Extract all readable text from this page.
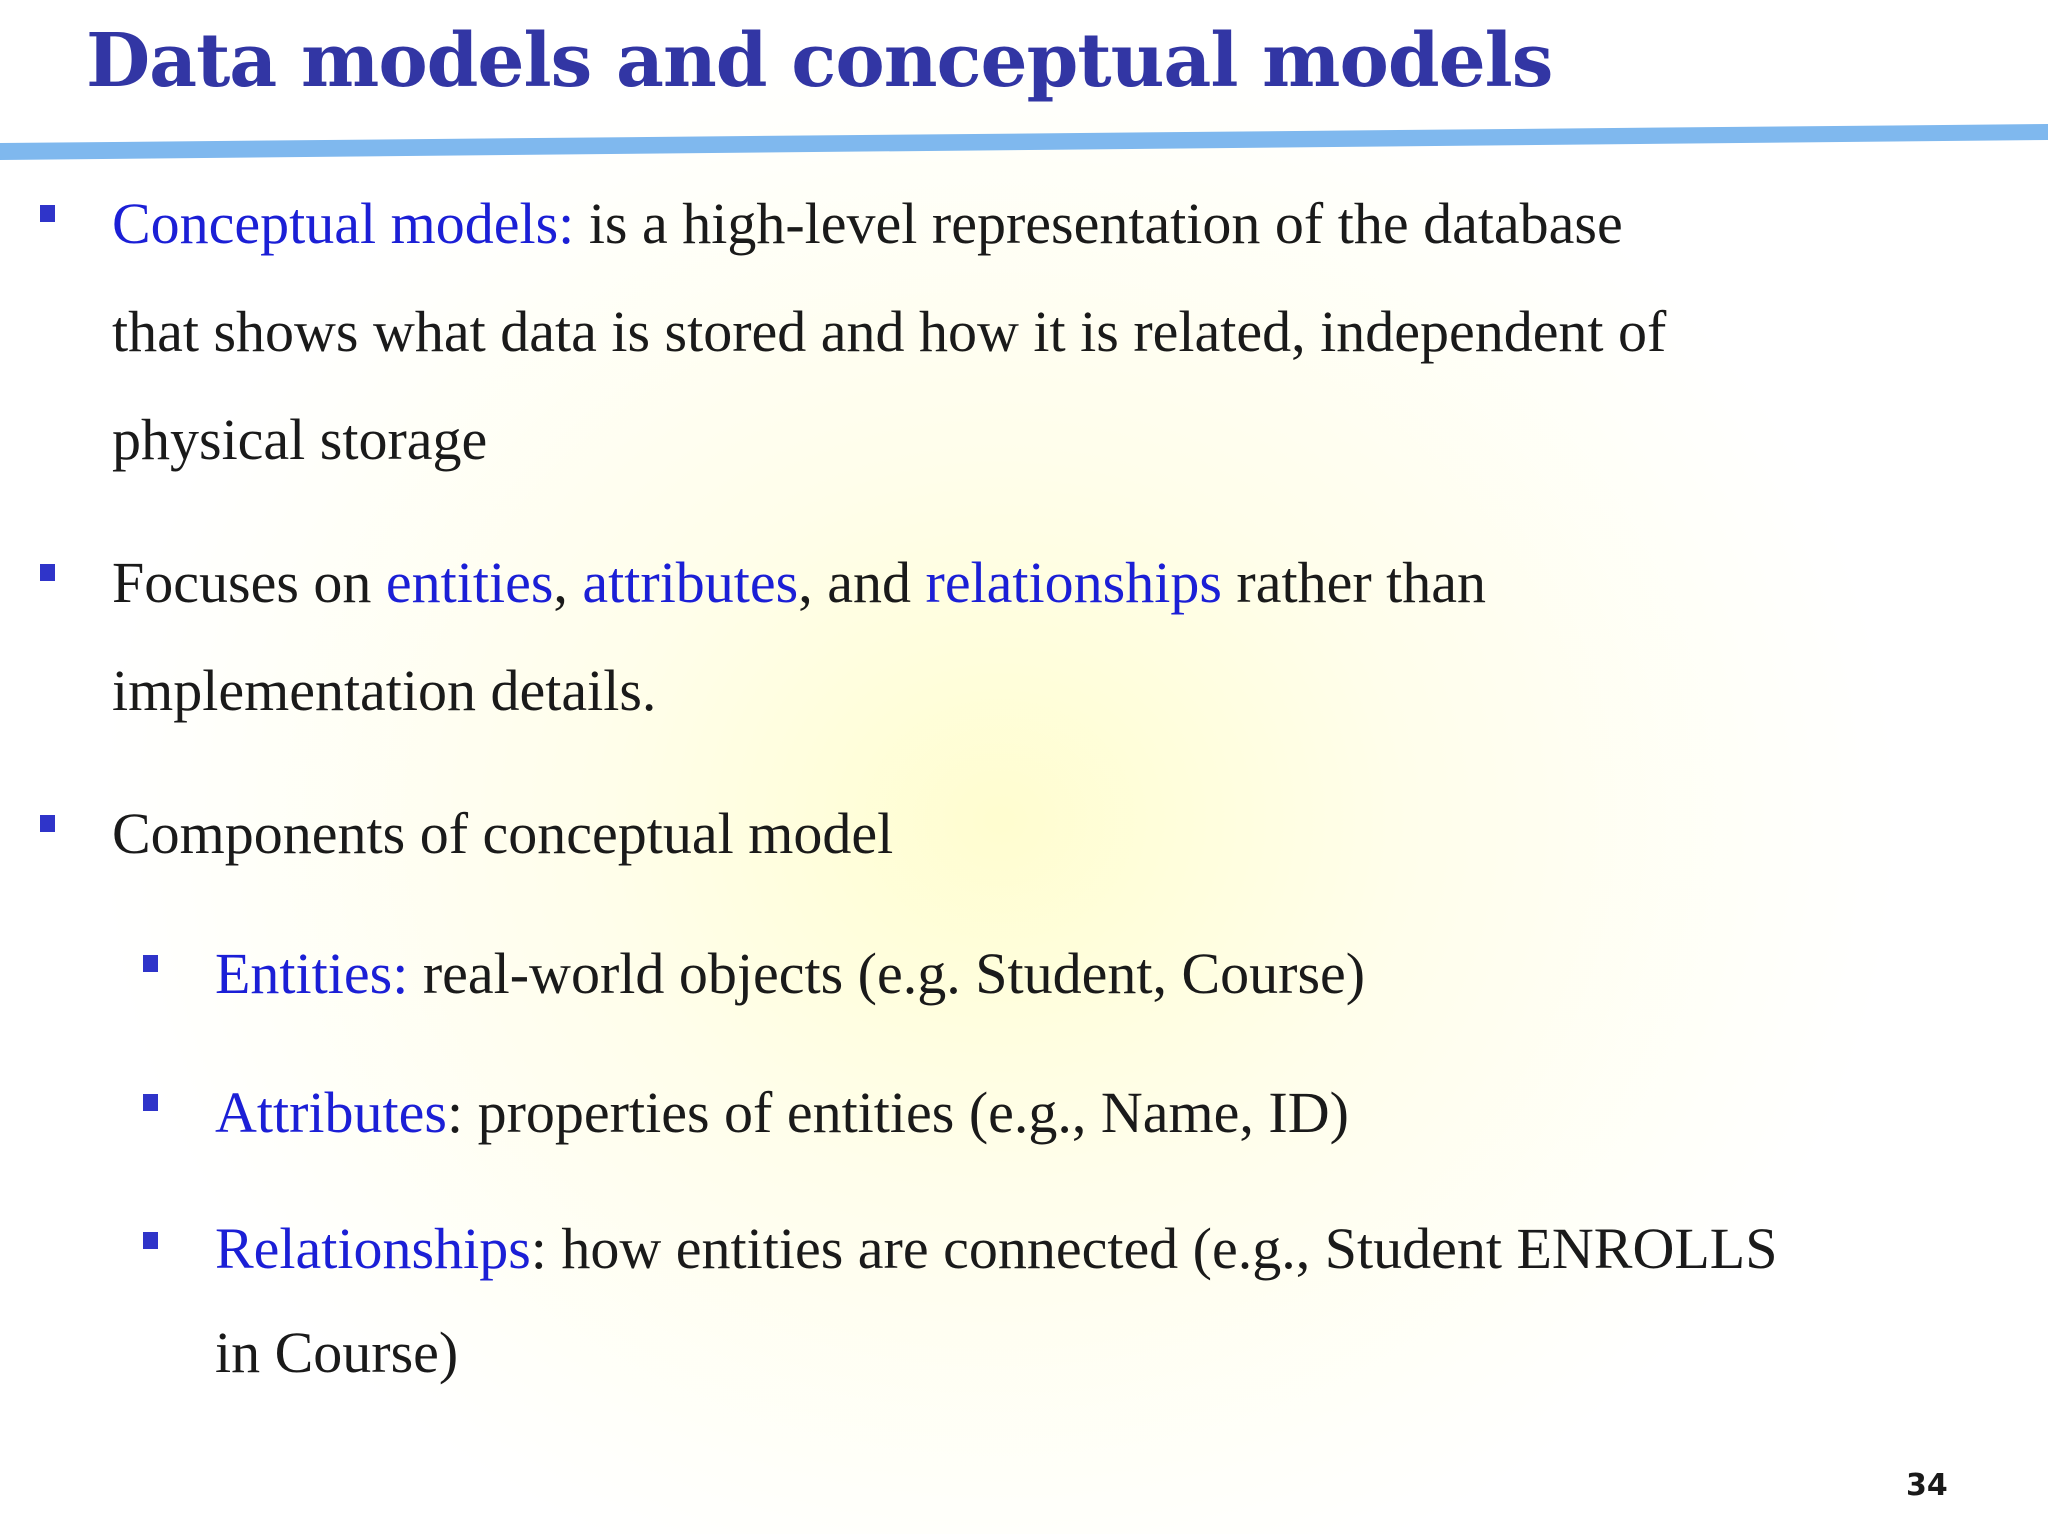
Data models and conceptual models

Conceptual models: is a high-level representation of the database
that shows what data is stored and how it is related, independent of
physical storage

Focuses on entities, attributes, and relationships rather than
implementation details.

Components of conceptual model

Entities: real-world objects (e.g. Student, Course)

Attributes: properties of entities (e.g., Name, ID)

Relationships: how entities are connected (e.g., Student ENROLLS
in Course)

34
